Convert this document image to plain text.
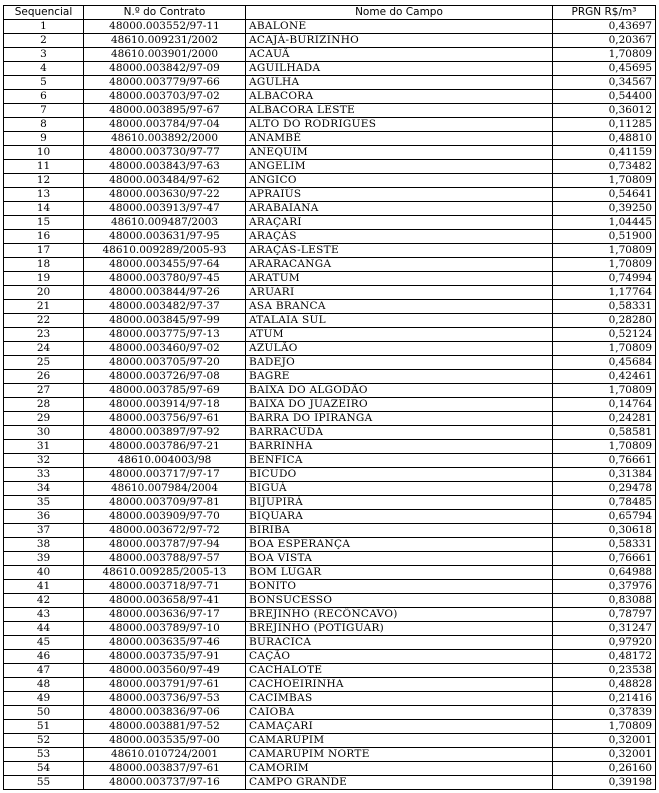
Sequencial	N.º do Contrato	Nome do Campo	PRGN R$/m³
1	48000.003552/97-11	ABALONE	0,43697
2	48610.009231/2002	ACAJÁ-BURIZINHO	0,20367
3	48610.003901/2000	ACAUÃ	1,70809
4	48000.003842/97-09	AGUILHADA	0,45695
5	48000.003779/97-66	AGULHA	0,34567
6	48000.003703/97-02	ALBACORA	0,54400
7	48000.003895/97-67	ALBACORA LESTE	0,36012
8	48000.003784/97-04	ALTO DO RODRIGUES	0,11285
9	48610.003892/2000	ANAMBÉ	0,48810
10	48000.003730/97-77	ANEQUIM	0,41159
11	48000.003843/97-63	ANGELIM	0,73482
12	48000.003484/97-62	ANGICO	1,70809
13	48000.003630/97-22	APRAIÚS	0,54641
14	48000.003913/97-47	ARABAIANA	0,39250
15	48610.009487/2003	ARAÇARI	1,04445
16	48000.003631/97-95	ARAÇÁS	0,51900
17	48610.009289/2005-93	ARAÇÁS-LESTE	1,70809
18	48000.003455/97-64	ARARACANGA	1,70809
19	48000.003780/97-45	ARATUM	0,74994
20	48000.003844/97-26	ARUARI	1,17764
21	48000.003482/97-37	ASA BRANCA	0,58331
22	48000.003845/97-99	ATALAIA SUL	0,28280
23	48000.003775/97-13	ATUM	0,52124
24	48000.003460/97-02	AZULÃO	1,70809
25	48000.003705/97-20	BADEJO	0,45684
26	48000.003726/97-08	BAGRE	0,42461
27	48000.003785/97-69	BAIXA DO ALGODÃO	1,70809
28	48000.003914/97-18	BAIXA DO JUAZEIRO	0,14764
29	48000.003756/97-61	BARRA DO IPIRANGA	0,24281
30	48000.003897/97-92	BARRACUDA	0,58581
31	48000.003786/97-21	BARRINHA	1,70809
32	48610.004003/98	BENFICA	0,76661
33	48000.003717/97-17	BICUDO	0,31384
34	48610.007984/2004	BIGUÁ	0,29478
35	48000.003709/97-81	BIJUPIRÁ	0,78485
36	48000.003909/97-70	BIQUARA	0,65794
37	48000.003672/97-72	BIRIBA	0,30618
38	48000.003787/97-94	BOA ESPERANÇA	0,58331
39	48000.003788/97-57	BOA VISTA	0,76661
40	48610.009285/2005-13	BOM LUGAR	0,64988
41	48000.003718/97-71	BONITO	0,37976
42	48000.003658/97-41	BONSUCESSO	0,83088
43	48000.003636/97-17	BREJINHO (RECÔNCAVO)	0,78797
44	48000.003789/97-10	BREJINHO (POTIGUAR)	0,31247
45	48000.003635/97-46	BURACICA	0,97920
46	48000.003735/97-91	CAÇÃO	0,48172
47	48000.003560/97-49	CACHALOTE	0,23538
48	48000.003791/97-61	CACHOEIRINHA	0,48828
49	48000.003736/97-53	CACIMBAS	0,21416
50	48000.003836/97-06	CAIOBA	0,37839
51	48000.003881/97-52	CAMAÇARI	1,70809
52	48000.003535/97-00	CAMARUPIM	0,32001
53	48610.010724/2001	CAMARUPIM NORTE	0,32001
54	48000.003837/97-61	CAMORIM	0,26160
55	48000.003737/97-16	CAMPO GRANDE	0,39198
